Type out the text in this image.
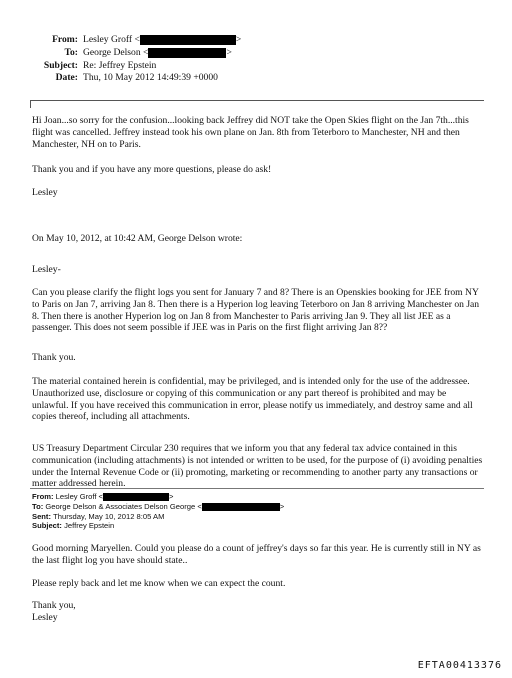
From: Lesley Groff <	>
To: George Delson <	>
Subject: Re: Jeffrey Epstein
Date: Thu, 10 May 2012 14:49:39 +0000

Hi Joan...so sorry for the confusion...looking back Jeffrey did NOT take the Open Skies flight on the Jan 7th...this flight was cancelled. Jeffrey instead took his own plane on Jan. 8th from Teterboro to Manchester, NH and then Manchester, NH on to Paris.

Thank you and if you have any more questions, please do ask!

Lesley

On May 10, 2012, at 10:42 AM, George Delson wrote:

Lesley-

Can you please clarify the flight logs you sent for January 7 and 8? There is an Openskies booking for JEE from NY to Paris on Jan 7, arriving Jan 8. Then there is a Hyperion log leaving Teterboro on Jan 8 arriving Manchester on Jan 8. Then there is another Hyperion log on Jan 8 from Manchester to Paris arriving Jan 9. They all list JEE as a passenger. This does not seem possible if JEE was in Paris on the first flight arriving Jan 8??

Thank you.

The material contained herein is confidential, may be privileged, and is intended only for the use of the addressee. Unauthorized use, disclosure or copying of this communication or any part thereof is prohibited and may be unlawful. If you have received this communication in error, please notify us immediately, and destroy same and all copies thereof, including all attachments.

US Treasury Department Circular 230 requires that we inform you that any federal tax advice contained in this communication (including attachments) is not intended or written to be used, for the purpose of (i) avoiding penalties under the Internal Revenue Code or (ii) promoting, marketing or recommending to another party any transactions or matter addressed herein.

From:
Lesley Groff <	>
To:
George Delson & Associates Delson George <	>
Sent:
Thursday, May 10, 2012 8:05 AM
Subject:
Jeffrey Epstein

Good morning Maryellen. Could you please do a count of jeffrey's days so far this year. He is currently still in NY as the last flight log you have should state..

Please reply back and let me know when we can expect the count.

Thank you,

Lesley

EFTA00413376
